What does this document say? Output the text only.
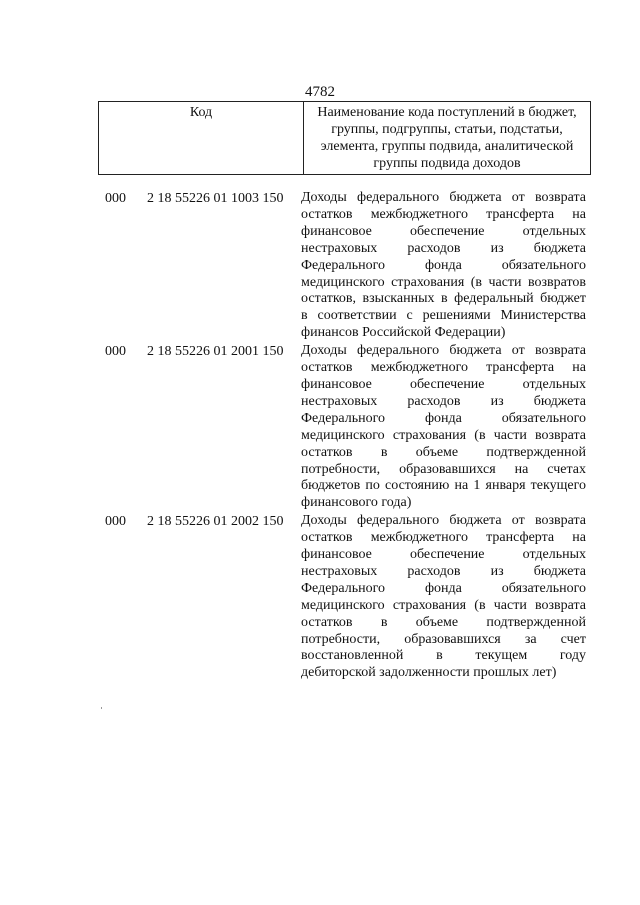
4782
Код	Наименование кода поступлений в бюджет,
группы, подгруппы, статьи, подстатьи,
элемента, группы подвида, аналитической
группы подвида доходов
000 2 18 55226 01 1003 150 Доходы федерального бюджета от возврата
остатков межбюджетного трансферта на
финансовое обеспечение отдельных
нестраховых расходов из бюджета
Федерального фонда обязательного
медицинского страхования (в части возвратов
остатков, взысканных в федеральный бюджет
в соответствии с решениями Министерства
финансов Российской Федерации)
000 2 18 55226 01 2001 150 Доходы федерального бюджета от возврата
остатков межбюджетного трансферта на
финансовое обеспечение отдельных
нестраховых расходов из бюджета
Федерального фонда обязательного
медицинского страхования (в части возврата
остатков в объеме подтвержденной
потребности, образовавшихся на счетах
бюджетов по состоянию на 1 января текущего
финансового года)
000 2 18 55226 01 2002 150 Доходы федерального бюджета от возврата
остатков межбюджетного трансферта на
финансовое обеспечение отдельных
нестраховых расходов из бюджета
Федерального фонда обязательного
медицинского страхования (в части возврата
остатков в объеме подтвержденной
потребности, образовавшихся за счет
восстановленной в текущем году
дебиторской задолженности прошлых лет)
